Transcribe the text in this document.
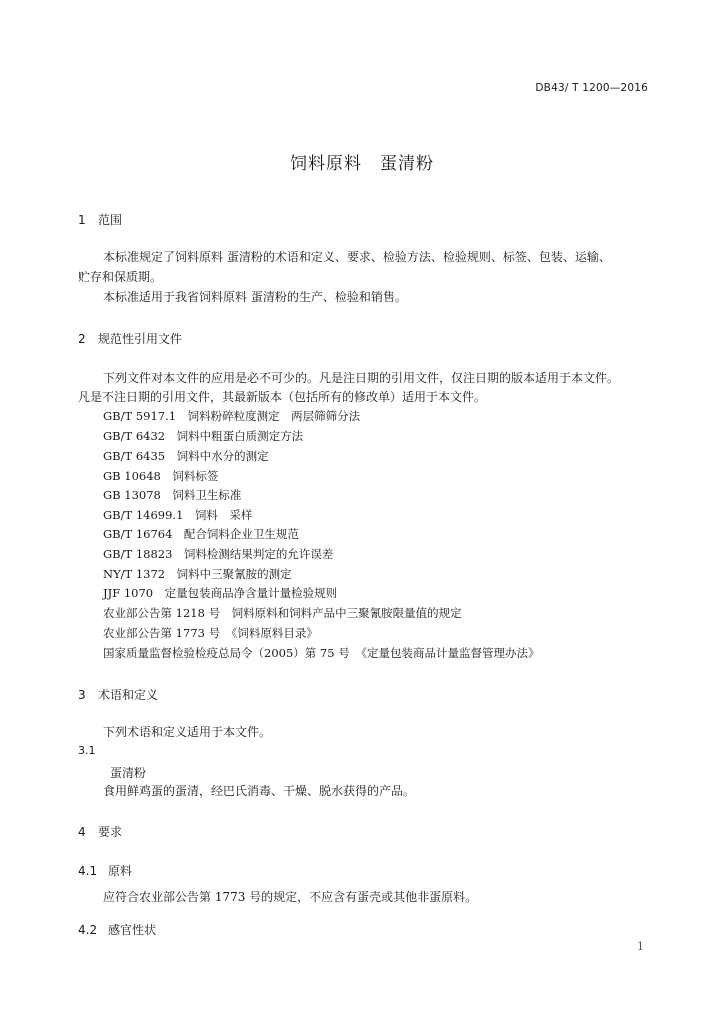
DB43/ T 1200—2016
饲料原料　蛋清粉
1 范围
本标准规定了饲料原料 蛋清粉的术语和定义、要求、检验方法、检验规则、标签、包装、运输、
贮存和保质期。
本标准适用于我省饲料原料 蛋清粉的生产、检验和销售。
2 规范性引用文件
下列文件对本文件的应用是必不可少的。凡是注日期的引用文件，仅注日期的版本适用于本文件。
凡是不注日期的引用文件，其最新版本（包括所有的修改单）适用于本文件。
GB/T 5917.1　饲料粉碎粒度测定　两层筛筛分法
GB/T 6432　饲料中粗蛋白质测定方法
GB/T 6435　饲料中水分的测定
GB 10648　饲料标签
GB 13078　饲料卫生标准
GB/T 14699.1　饲料　采样
GB/T 16764　配合饲料企业卫生规范
GB/T 18823　饲料检测结果判定的允许误差
NY/T 1372　饲料中三聚氰胺的测定
JJF 1070　定量包装商品净含量计量检验规则
农业部公告第 1218 号　饲料原料和饲料产品中三聚氰胺限量值的规定
农业部公告第 1773 号　《饲料原料目录》
国家质量监督检验检疫总局令（2005）第 75 号　《定量包装商品计量监督管理办法》
3 术语和定义
下列术语和定义适用于本文件。
3.1
蛋清粉
食用鲜鸡蛋的蛋清，经巴氏消毒、干燥、脱水获得的产品。
4 要求
4.1 原料
应符合农业部公告第 1773 号的规定，不应含有蛋壳或其他非蛋原料。
4.2 感官性状
1
